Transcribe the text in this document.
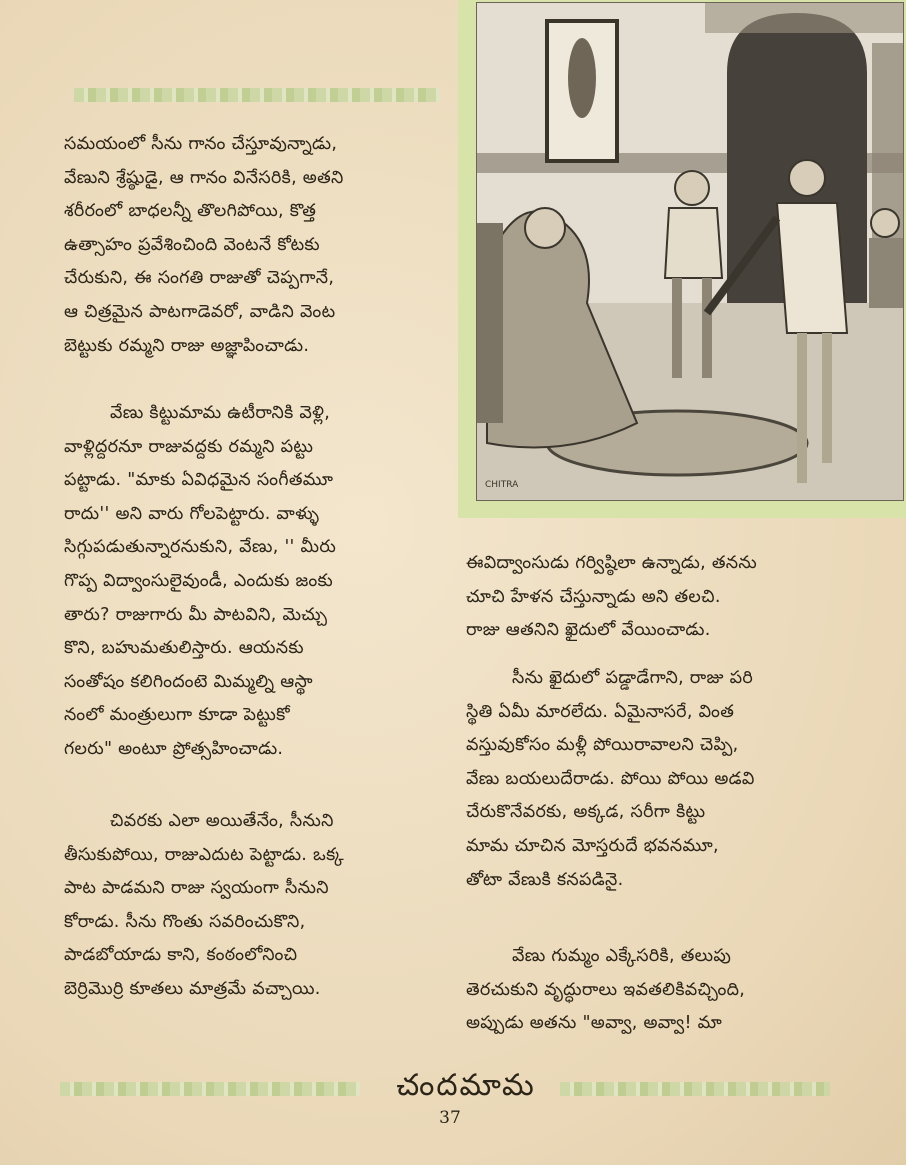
CHITRA
సమయంలో సీను గానం చేస్తూవున్నాడు,
వేణుని శ్రేష్ఠుడై, ఆ గానం వినేసరికి, అతని
శరీరంలో బాధలన్నీ తొలగిపోయి, కొత్త
ఉత్సాహం ప్రవేశించింది వెంటనే కోటకు
చేరుకుని, ఈ సంగతి రాజుతో చెప్పగానే,
ఆ చిత్రమైన పాటగాడెవరో, వాడిని వెంట
బెట్టుకు రమ్మని రాజు అజ్ఞాపించాడు.
వేణు కిట్టుమామ ఉటీరానికి వెళ్లి,
వాళ్లిద్దరనూ రాజువద్దకు రమ్మని పట్టు
పట్టాడు. "మాకు ఏవిధమైన సంగీతమూ
రాదు'' అని వారు గోలపెట్టారు. వాళ్ళు
సిగ్గుపడుతున్నారనుకుని, వేణు, '' మీరు
గొప్ప విద్వాంసులైవుండీ, ఎందుకు జంకు
తారు? రాజుగారు మీ పాటవిని, మెచ్చు
కొని, బహుమతులిస్తారు. ఆయనకు
సంతోషం కలిగిందంటె మిమ్మల్ని ఆస్థా
నంలో మంత్రులుగా కూడా పెట్టుకో
గలరు" అంటూ ప్రోత్సహించాడు.
చివరకు ఎలా అయితేనేం, సీనుని
తీసుకుపోయి, రాజుఎదుట పెట్టాడు. ఒక్క
పాట పాడమని రాజు స్వయంగా సీనుని
కోరాడు. సీను గొంతు సవరించుకొని,
పాడబోయాడు కాని, కంఠంలోనించి
బెర్రిమొర్రి కూతలు మాత్రమే వచ్చాయి.
ఈవిద్వాంసుడు గర్విష్ఠిలా ఉన్నాడు, తనను
చూచి హేళన చేస్తున్నాడు అని తలచి.
రాజు ఆతనిని ఖైదులో వేయించాడు.
సీను ఖైదులో పడ్డాడేగాని, రాజు పరి
స్థితి ఏమీ మారలేదు. ఏమైనాసరే, వింత
వస్తువుకోసం మళ్లీ పోయిరావాలని చెప్పి,
వేణు బయలుదేరాడు. పోయి పోయి అడవి
చేరుకొనేవరకు, అక్కడ, సరీగా కిట్టు
మామ చూచిన మోస్తరుదే భవనమూ,
తోటా వేణుకి కనపడినై.
వేణు గుమ్మం ఎక్కేసరికి, తలుపు
తెరచుకుని వృద్ధురాలు ఇవతలికివచ్చింది,
అప్పుడు అతను "అవ్వా, అవ్వా! మా
చందమామ
37
